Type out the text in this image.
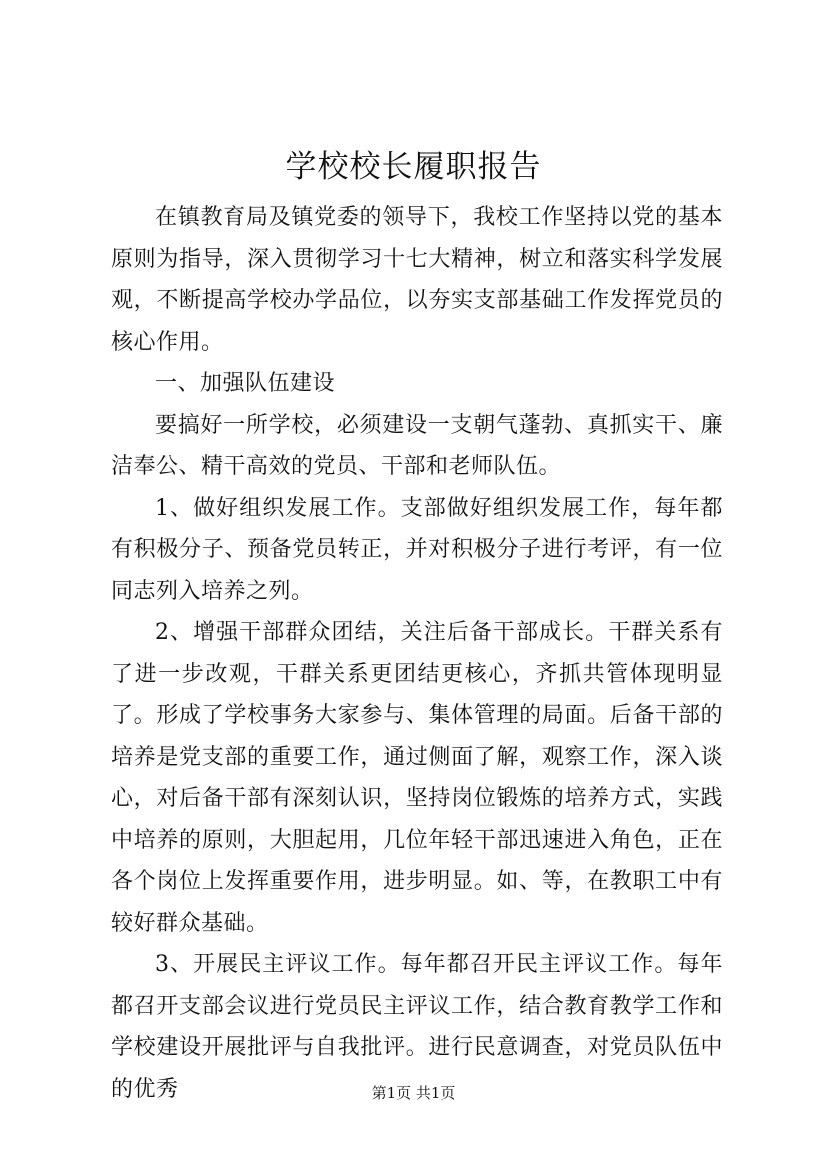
学校校长履职报告

在镇教育局及镇党委的领导下，我校工作坚持以党的基本原则为指导，深入贯彻学习十七大精神，树立和落实科学发展观，不断提高学校办学品位，以夯实支部基础工作发挥党员的核心作用。

一、加强队伍建设

要搞好一所学校，必须建设一支朝气蓬勃、真抓实干、廉洁奉公、精干高效的党员、干部和老师队伍。

1、做好组织发展工作。支部做好组织发展工作，每年都有积极分子、预备党员转正，并对积极分子进行考评，有一位同志列入培养之列。

2、增强干部群众团结，关注后备干部成长。干群关系有了进一步改观，干群关系更团结更核心，齐抓共管体现明显了。形成了学校事务大家参与、集体管理的局面。后备干部的培养是党支部的重要工作，通过侧面了解，观察工作，深入谈心，对后备干部有深刻认识，坚持岗位锻炼的培养方式，实践中培养的原则，大胆起用，几位年轻干部迅速进入角色，正在各个岗位上发挥重要作用，进步明显。如、等，在教职工中有较好群众基础。

3、开展民主评议工作。每年都召开民主评议工作。每年都召开支部会议进行党员民主评议工作，结合教育教学工作和学校建设开展批评与自我批评。进行民意调查，对党员队伍中的优秀	第1页 共1页
